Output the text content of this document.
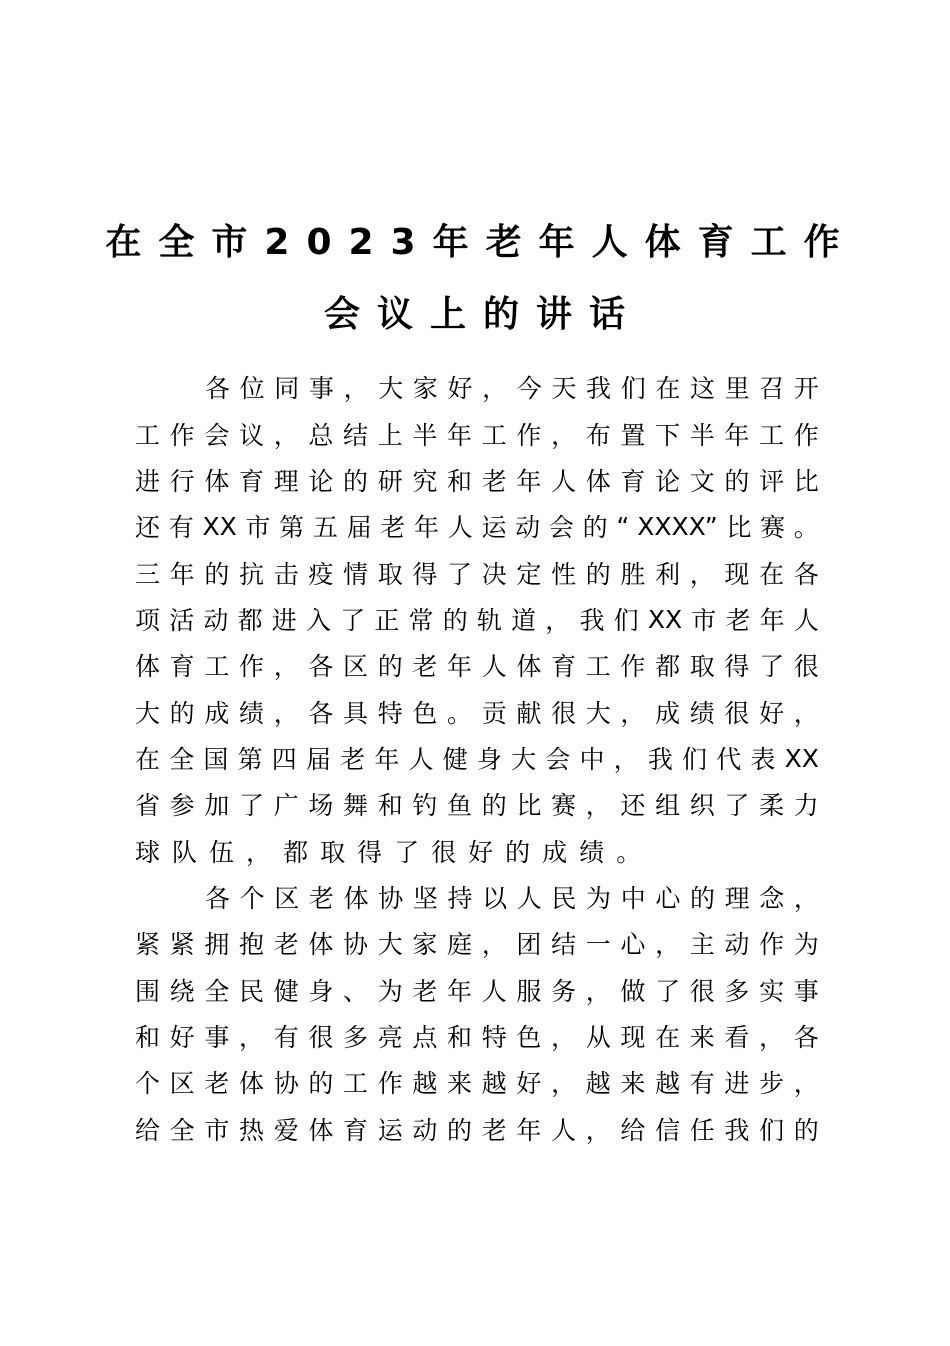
在全市2023年老年人体育工作
会议上的讲话
各 位 同 事 ， 大 家 好 ， 今 天 我 们 在 这 里 召 开
工 作 会 议 ， 总 结 上 半 年 工 作 ， 布 置 下 半 年 工 作
进 行 体 育 理 论 的 研 究 和 老 年 人 体 育 论 文 的 评 比
还 有 XX 市 第 五 届 老 年 人 运 动 会 的 “ XXXX” 比 赛 。
三 年 的 抗 击 疫 情 取 得 了 决 定 性 的 胜 利 ， 现 在 各
项 活 动 都 进 入 了 正 常 的 轨 道 ， 我 们 XX 市 老 年 人
体 育 工 作 ， 各 区 的 老 年 人 体 育 工 作 都 取 得 了 很
大 的 成 绩 ， 各 具 特 色 。 贡 献 很 大 ， 成 绩 很 好 ，
在 全 国 第 四 届 老 年 人 健 身 大 会 中 ， 我 们 代 表 XX
省 参 加 了 广 场 舞 和 钓 鱼 的 比 赛 ， 还 组 织 了 柔 力
球 队 伍 ， 都 取 得 了 很 好 的 成 绩 。
各 个 区 老 体 协 坚 持 以 人 民 为 中 心 的 理 念 ，
紧 紧 拥 抱 老 体 协 大 家 庭 ， 团 结 一 心 ， 主 动 作 为
围 绕 全 民 健 身 、 为 老 年 人 服 务 ， 做 了 很 多 实 事
和 好 事 ， 有 很 多 亮 点 和 特 色 ， 从 现 在 来 看 ， 各
个 区 老 体 协 的 工 作 越 来 越 好 ， 越 来 越 有 进 步 ，
给 全 市 热 爱 体 育 运 动 的 老 年 人 ， 给 信 任 我 们 的
